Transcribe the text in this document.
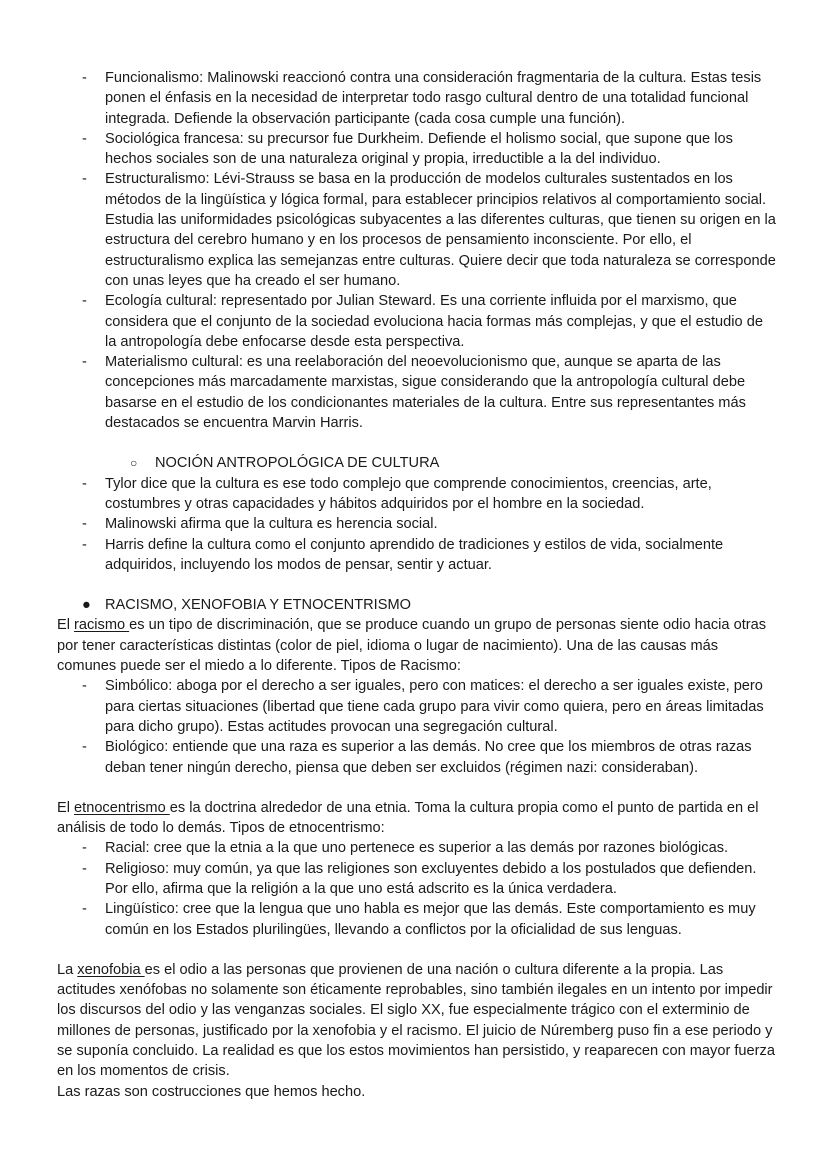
- Funcionalismo: Malinowski reaccionó contra una consideración fragmentaria de la cultura. Estas tesis ponen el énfasis en la necesidad de interpretar todo rasgo cultural dentro de una totalidad funcional integrada. Defiende la observación participante (cada cosa cumple una función).
- Sociológica francesa: su precursor fue Durkheim. Defiende el holismo social, que supone que los hechos sociales son de una naturaleza original y propia, irreductible a la del individuo.
- Estructuralismo: Lévi-Strauss se basa en la producción de modelos culturales sustentados en los métodos de la lingüística y lógica formal, para establecer principios relativos al comportamiento social. Estudia las uniformidades psicológicas subyacentes a las diferentes culturas, que tienen su origen en la estructura del cerebro humano y en los procesos de pensamiento inconsciente. Por ello, el estructuralismo explica las semejanzas entre culturas. Quiere decir que toda naturaleza se corresponde con unas leyes que ha creado el ser humano.
- Ecología cultural: representado por Julian Steward. Es una corriente influida por el marxismo, que considera que el conjunto de la sociedad evoluciona hacia formas más complejas, y que el estudio de la antropología debe enfocarse desde esta perspectiva.
- Materialismo cultural: es una reelaboración del neoevolucionismo que, aunque se aparta de las concepciones más marcadamente marxistas, sigue considerando que la antropología cultural debe basarse en el estudio de los condicionantes materiales de la cultura. Entre sus representantes más destacados se encuentra Marvin Harris.
○ NOCIÓN ANTROPOLÓGICA DE CULTURA
- Tylor dice que la cultura es ese todo complejo que comprende conocimientos, creencias, arte, costumbres y otras capacidades y hábitos adquiridos por el hombre en la sociedad.
- Malinowski afirma que la cultura es herencia social.
- Harris define la cultura como el conjunto aprendido de tradiciones y estilos de vida, socialmente adquiridos, incluyendo los modos de pensar, sentir y actuar.
● RACISMO, XENOFOBIA Y ETNOCENTRISMO
El racismo es un tipo de discriminación, que se produce cuando un grupo de personas siente odio hacia otras por tener características distintas (color de piel, idioma o lugar de nacimiento). Una de las causas más comunes puede ser el miedo a lo diferente. Tipos de Racismo:
- Simbólico: aboga por el derecho a ser iguales, pero con matices: el derecho a ser iguales existe, pero para ciertas situaciones (libertad que tiene cada grupo para vivir como quiera, pero en áreas limitadas para dicho grupo). Estas actitudes provocan una segregación cultural.
- Biológico: entiende que una raza es superior a las demás. No cree que los miembros de otras razas deban tener ningún derecho, piensa que deben ser excluidos (régimen nazi: consideraban).
El etnocentrismo es la doctrina alrededor de una etnia. Toma la cultura propia como el punto de partida en el análisis de todo lo demás. Tipos de etnocentrismo:
- Racial: cree que la etnia a la que uno pertenece es superior a las demás por razones biológicas.
- Religioso: muy común, ya que las religiones son excluyentes debido a los postulados que defienden. Por ello, afirma que la religión a la que uno está adscrito es la única verdadera.
- Lingüístico: cree que la lengua que uno habla es mejor que las demás. Este comportamiento es muy común en los Estados plurilingües, llevando a conflictos por la oficialidad de sus lenguas.
La xenofobia es el odio a las personas que provienen de una nación o cultura diferente a la propia. Las actitudes xenófobas no solamente son éticamente reprobables, sino también ilegales en un intento por impedir los discursos del odio y las venganzas sociales. El siglo XX, fue especialmente trágico con el exterminio de millones de personas, justificado por la xenofobia y el racismo. El juicio de Núremberg puso fin a ese periodo y se suponía concluido. La realidad es que los estos movimientos han persistido, y reaparecen con mayor fuerza en los momentos de crisis.
Las razas son costrucciones que hemos hecho.
